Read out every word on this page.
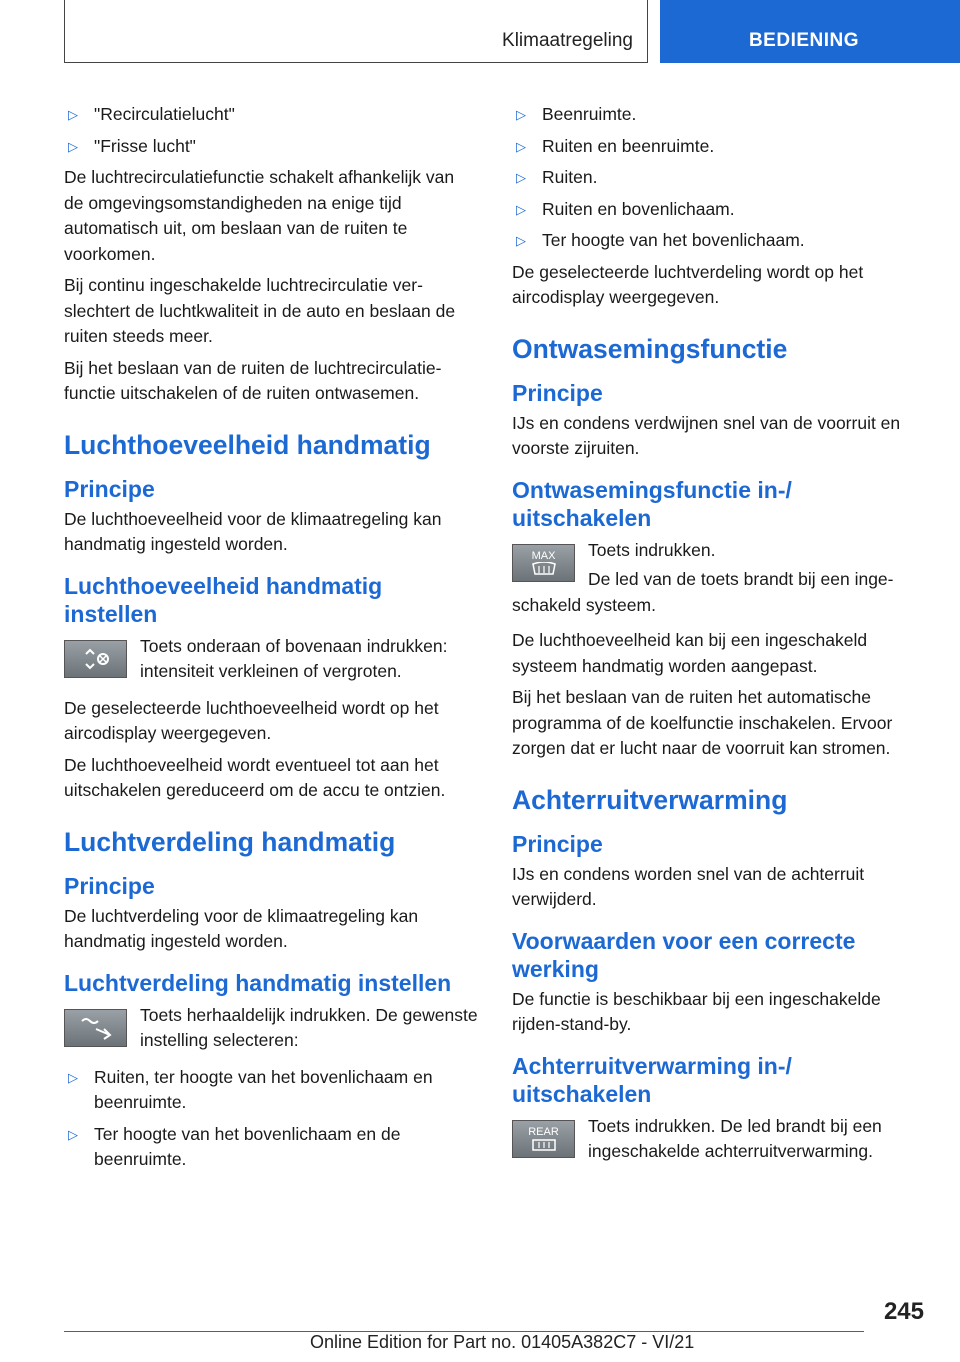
Klimaatregeling	BEDIENING
▷ "Recirculatielucht"
▷ "Frisse lucht"

De luchtrecirculatiefunctie schakelt afhankelijk van de omgevingsomstandigheden na enige tijd automatisch uit, om beslaan van de ruiten te voorkomen.

Bij continu ingeschakelde luchtrecirculatie verslechtert de luchtkwaliteit in de auto en beslaan de ruiten steeds meer.

Bij het beslaan van de ruiten de luchtrecirculatiefunctie uitschakelen of de ruiten ontwasemen.

Luchthoeveelheid handmatig
Principe

De luchthoeveelheid voor de klimaatregeling kan handmatig ingesteld worden.

Luchthoeveelheid handmatig instellen
Toets onderaan of bovenaan indrukken: intensiteit verkleinen of vergroten.

De geselecteerde luchthoeveelheid wordt op het aircodisplay weergegeven.

De luchthoeveelheid wordt eventueel tot aan het uitschakelen gereduceerd om de accu te ontzien.

Luchtverdeling handmatig
Principe

De luchtverdeling voor de klimaatregeling kan handmatig ingesteld worden.

Luchtverdeling handmatig instellen
Toets herhaaldelijk indrukken. De gewenste instelling selecteren:
▷ Ruiten, ter hoogte van het bovenlichaam en beenruimte.
▷ Ter hoogte van het bovenlichaam en de beenruimte.
▷ Beenruimte.
▷ Ruiten en beenruimte.
▷ Ruiten.
▷ Ruiten en bovenlichaam.
▷ Ter hoogte van het bovenlichaam.

De geselecteerde luchtverdeling wordt op het aircodisplay weergegeven.

Ontwasemingsfunctie
Principe

IJs en condens verdwijnen snel van de voorruit en voorste zijruiten.

Ontwasemingsfunctie in-/ uitschakelen
MAX	Toets indrukken.
De led van de toets brandt bij een ingeschakeld systeem.

De luchthoeveelheid kan bij een ingeschakeld systeem handmatig worden aangepast.

Bij het beslaan van de ruiten het automatische programma of de koelfunctie inschakelen. Ervoor zorgen dat er lucht naar de voorruit kan stromen.

Achterruitverwarming
Principe

IJs en condens worden snel van de achterruit verwijderd.

Voorwaarden voor een correcte werking

De functie is beschikbaar bij een ingeschakelde rijden-stand-by.

Achterruitverwarming in-/ uitschakelen
REAR	Toets indrukken. De led brandt bij een ingeschakelde achterruitverwarming.
245
Online Edition for Part no. 01405A382C7 - VI/21
